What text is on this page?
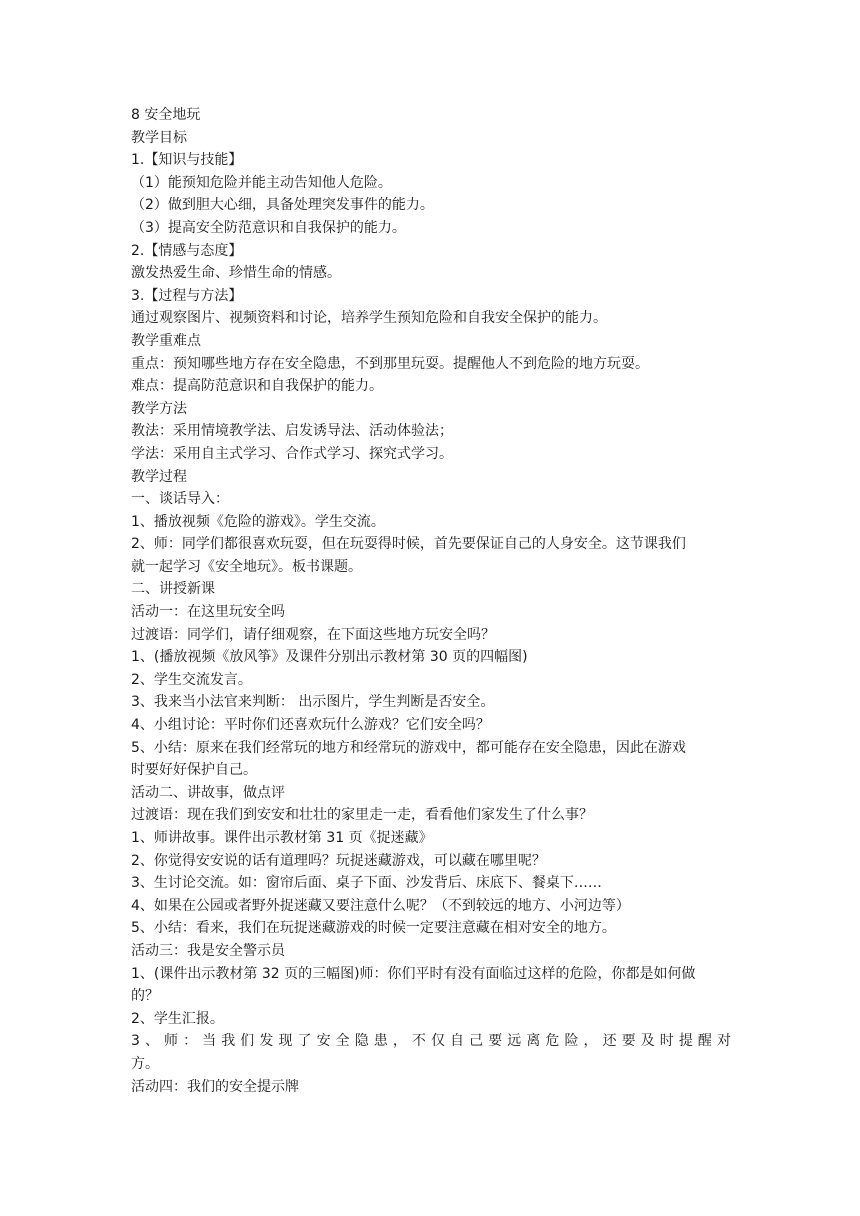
8 安全地玩
教学目标
1.【知识与技能】
（1）能预知危险并能主动告知他人危险。
（2）做到胆大心细，具备处理突发事件的能力。
（3）提高安全防范意识和自我保护的能力。
2.【情感与态度】
激发热爱生命、珍惜生命的情感。
3.【过程与方法】
通过观察图片、视频资料和讨论，培养学生预知危险和自我安全保护的能力。
教学重难点
重点：预知哪些地方存在安全隐患，不到那里玩耍。提醒他人不到危险的地方玩耍。
难点：提高防范意识和自我保护的能力。
教学方法
教法：采用情境教学法、启发诱导法、活动体验法；
学法：采用自主式学习、合作式学习、探究式学习。
教学过程
一、谈话导入：
1、播放视频《危险的游戏》。学生交流。
2、师：同学们都很喜欢玩耍，但在玩耍得时候，首先要保证自己的人身安全。这节课我们
就一起学习《安全地玩》。板书课题。
二、讲授新课
活动一：在这里玩安全吗
过渡语：同学们，请仔细观察，在下面这些地方玩安全吗？
1、(播放视频《放风筝》及课件分别出示教材第 30 页的四幅图)
2、学生交流发言。
3、我来当小法官来判断： 出示图片，学生判断是否安全。
4、小组讨论：平时你们还喜欢玩什么游戏？它们安全吗？
5、小结：原来在我们经常玩的地方和经常玩的游戏中，都可能存在安全隐患，因此在游戏
时要好好保护自己。
活动二、讲故事，做点评
过渡语：现在我们到安安和壮壮的家里走一走，看看他们家发生了什么事？
1、师讲故事。课件出示教材第 31 页《捉迷藏》
2、你觉得安安说的话有道理吗？玩捉迷藏游戏，可以藏在哪里呢？
3、生讨论交流。如：窗帘后面、桌子下面、沙发背后、床底下、餐桌下……
4、如果在公园或者野外捉迷藏又要注意什么呢？（不到较远的地方、小河边等）
5、小结：看来，我们在玩捉迷藏游戏的时候一定要注意藏在相对安全的地方。
活动三：我是安全警示员
1、(课件出示教材第 32 页的三幅图)师：你们平时有没有面临过这样的危险，你都是如何做
的？
2、学生汇报。
3、师：当我们发现了安全隐患，不仅自己要远离危险，还要及时提醒对
方。
活动四：我们的安全提示牌
